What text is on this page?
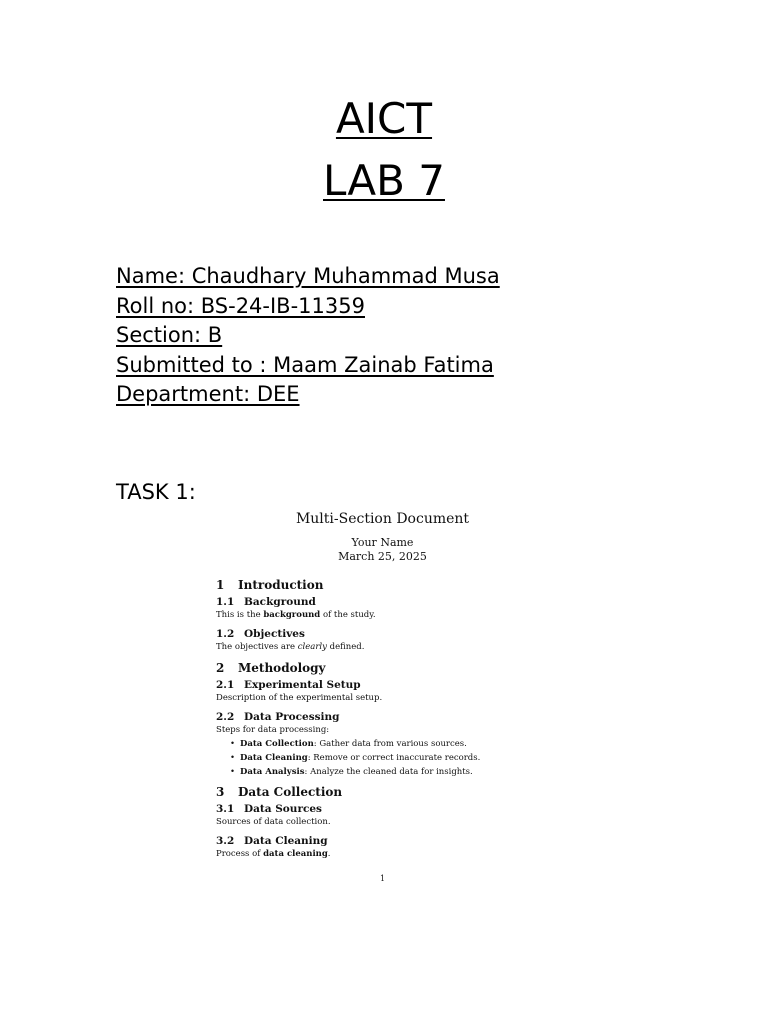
AICT
LAB 7
Name: Chaudhary Muhammad Musa
Roll no: BS-24-IB-11359
Section: B
Submitted to : Maam Zainab Fatima
Department: DEE
TASK 1:
Multi-Section Document
Your Name
March 25, 2025
1 Introduction
1.1 Background
This is the background of the study.
1.2 Objectives
The objectives are clearly defined.
2 Methodology
2.1 Experimental Setup
Description of the experimental setup.
2.2 Data Processing
Steps for data processing:
• Data Collection: Gather data from various sources.
• Data Cleaning: Remove or correct inaccurate records.
• Data Analysis: Analyze the cleaned data for insights.
3 Data Collection
3.1 Data Sources
Sources of data collection.
3.2 Data Cleaning
Process of data cleaning.
1
